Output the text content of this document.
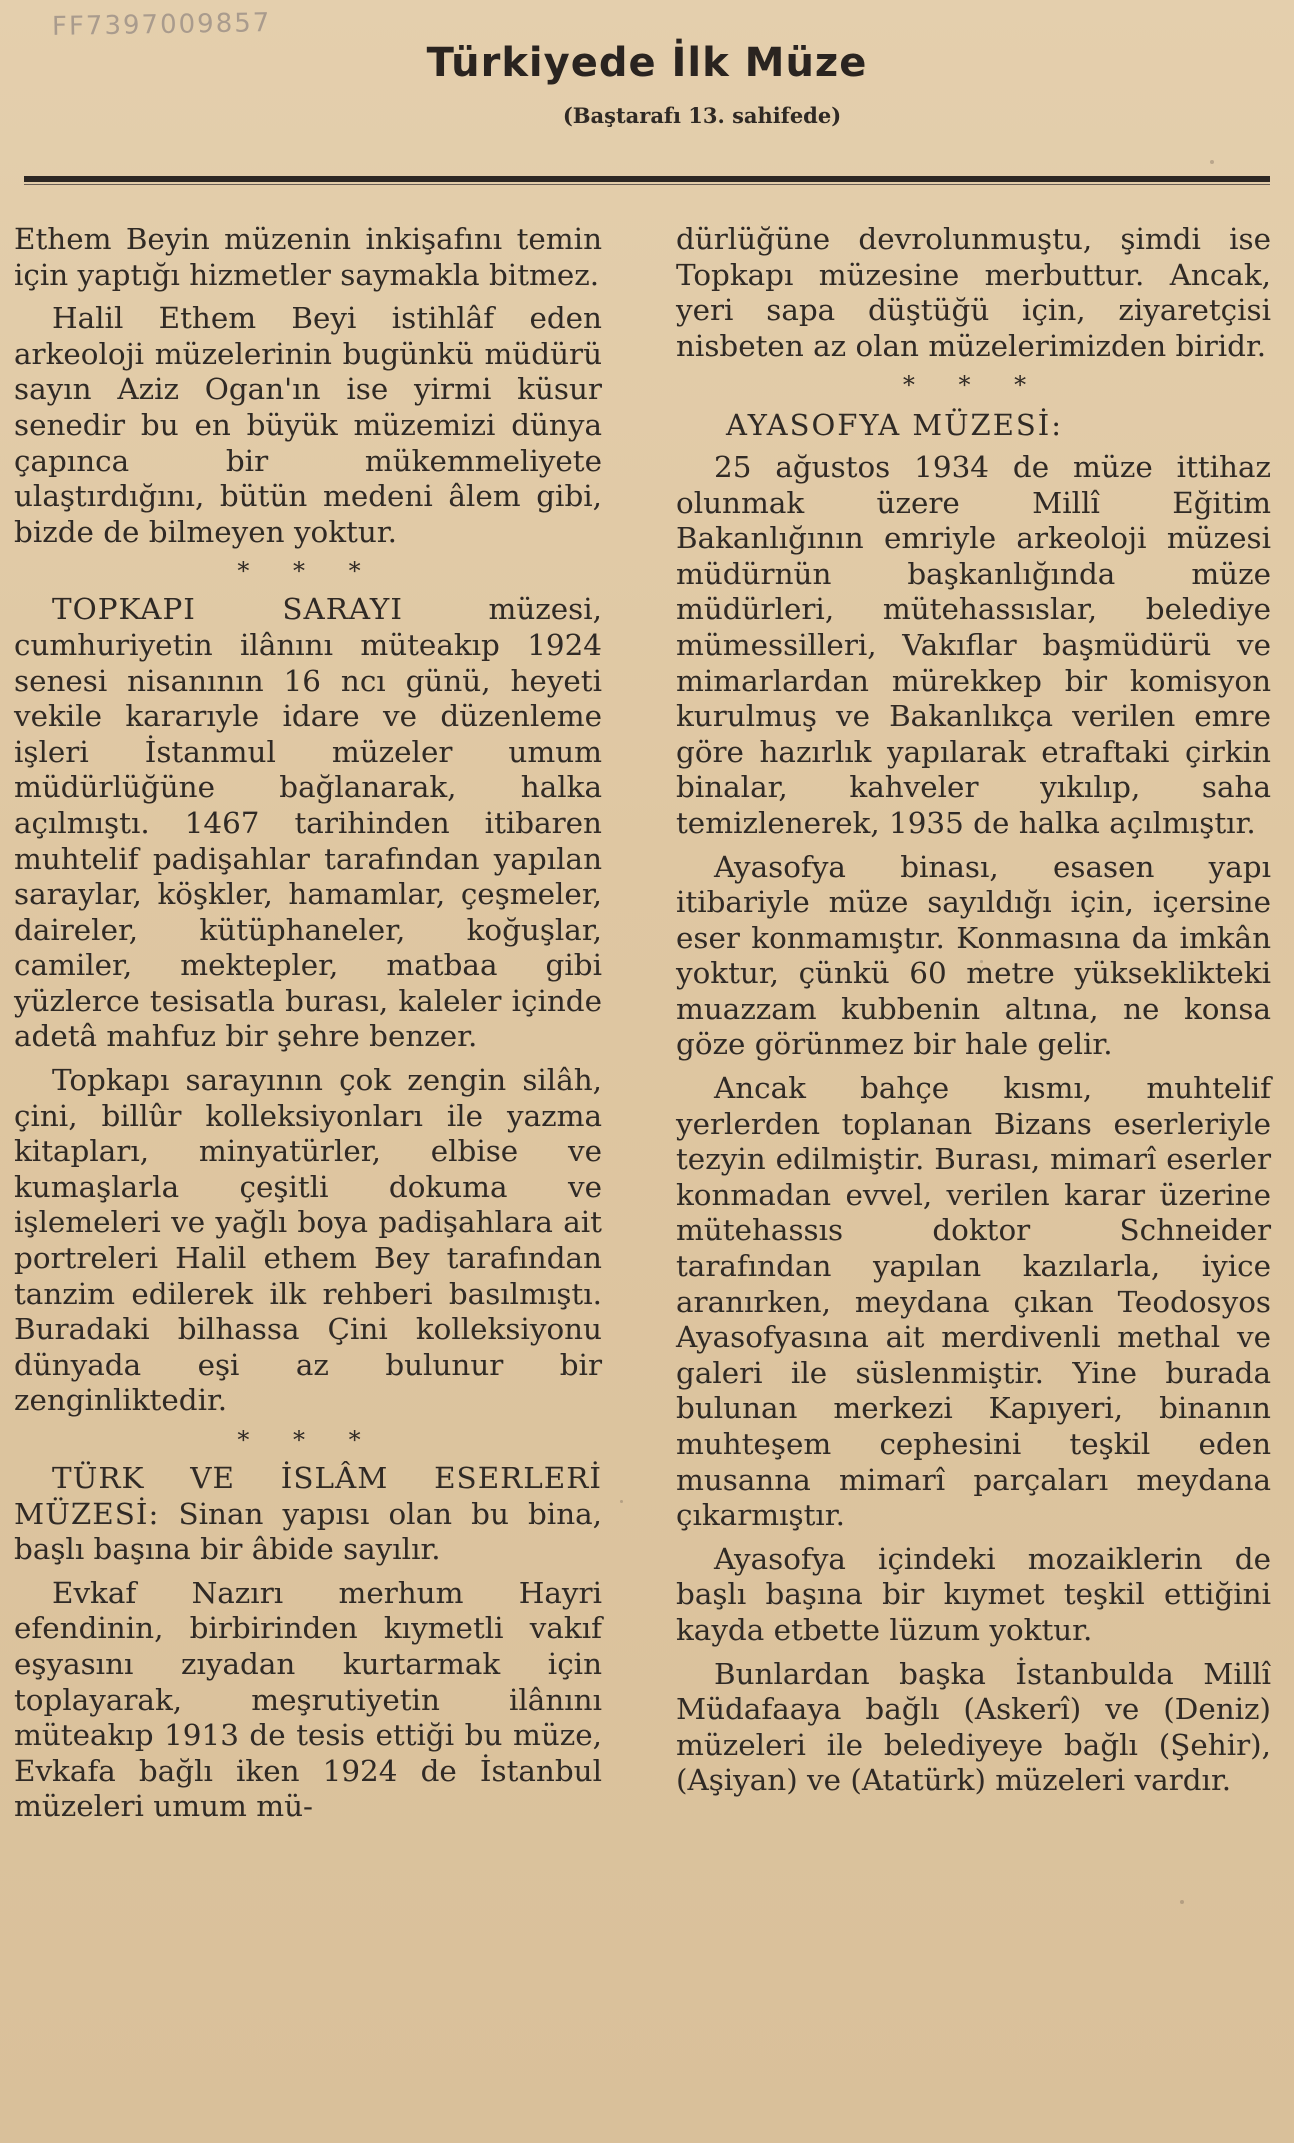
FF7397009857
Türkiyede İlk Müze
(Baştarafı 13. sahifede)

Ethem Beyin müzenin inkişafını temin için yaptığı hizmetler saymakla bitmez.

Halil Ethem Beyi istihlâf eden arkeoloji müzelerinin bugünkü müdürü sayın Aziz Ogan'ın ise yirmi küsur senedir bu en büyük müzemizi dünya çapınca bir mükemmeliyete ulaştırdığını, bütün medeni âlem gibi, bizde de bilmeyen yoktur.

* * *

TOPKAPI SARAYI müzesi, cumhuriyetin ilânını müteakıp 1924 senesi nisanının 16 ncı günü, heyeti vekile kararıyle idare ve düzenleme işleri İstanmul müzeler umum müdürlüğüne bağlanarak, halka açılmıştı. 1467 tarihinden itibaren muhtelif padişahlar tarafından yapılan saraylar, köşkler, hamamlar, çeşmeler, daireler, kütüphaneler, koğuşlar, camiler, mektepler, matbaa gibi yüzlerce tesisatla burası, kaleler içinde adetâ mahfuz bir şehre benzer.

Topkapı sarayının çok zengin silâh, çini, billûr kolleksiyonları ile yazma kitapları, minyatürler, elbise ve kumaşlarla çeşitli dokuma ve işlemeleri ve yağlı boya padişahlara ait portreleri Halil ethem Bey tarafından tanzim edilerek ilk rehberi basılmıştı. Buradaki bilhassa Çini kolleksiyonu dünyada eşi az bulunur bir zenginliktedir.

* * *

TÜRK VE İSLÂM ESERLERİ MÜZESİ: Sinan yapısı olan bu bina, başlı başına bir âbide sayılır.

Evkaf Nazırı merhum Hayri efendinin, birbirinden kıymetli vakıf eşyasını zıyadan kurtarmak için toplayarak, meşrutiyetin ilânını müteakıp 1913 de tesis ettiği bu müze, Evkafa bağlı iken 1924 de İstanbul müzeleri umum mü-

dürlüğüne devrolunmuştu, şimdi ise Topkapı müzesine merbuttur. Ancak, yeri sapa düştüğü için, ziyaretçisi nisbeten az olan müzelerimizden biridr.

* * *
AYASOFYA MÜZESİ:

25 ağustos 1934 de müze ittihaz olunmak üzere Millî Eğitim Bakanlığının emriyle arkeoloji müzesi müdürnün başkanlığında müze müdürleri, mütehassıslar, belediye mümessilleri, Vakıflar başmüdürü ve mimarlardan mürekkep bir komisyon kurulmuş ve Bakanlıkça verilen emre göre hazırlık yapılarak etraftaki çirkin binalar, kahveler yıkılıp, saha temizlenerek, 1935 de halka açılmıştır.

Ayasofya binası, esasen yapı itibariyle müze sayıldığı için, içersine eser konmamıştır. Konmasına da imkân yoktur, çünkü 60 metre yükseklikteki muazzam kubbenin altına, ne konsa göze görünmez bir hale gelir.

Ancak bahçe kısmı, muhtelif yerlerden toplanan Bizans eserleriyle tezyin edilmiştir. Burası, mimarî eserler konmadan evvel, verilen karar üzerine mütehassıs doktor Schneider tarafından yapılan kazılarla, iyice aranırken, meydana çıkan Teodosyos Ayasofyasına ait merdivenli methal ve galeri ile süslenmiştir. Yine burada bulunan merkezi Kapıyeri, binanın muhteşem cephesini teşkil eden musanna mimarî parçaları meydana çıkarmıştır.

Ayasofya içindeki mozaiklerin de başlı başına bir kıymet teşkil ettiğini kayda etbette lüzum yoktur.

Bunlardan başka İstanbulda Millî Müdafaaya bağlı (Askerî) ve (Deniz) müzeleri ile belediyeye bağlı (Şehir), (Aşiyan) ve (Atatürk) müzeleri vardır.
